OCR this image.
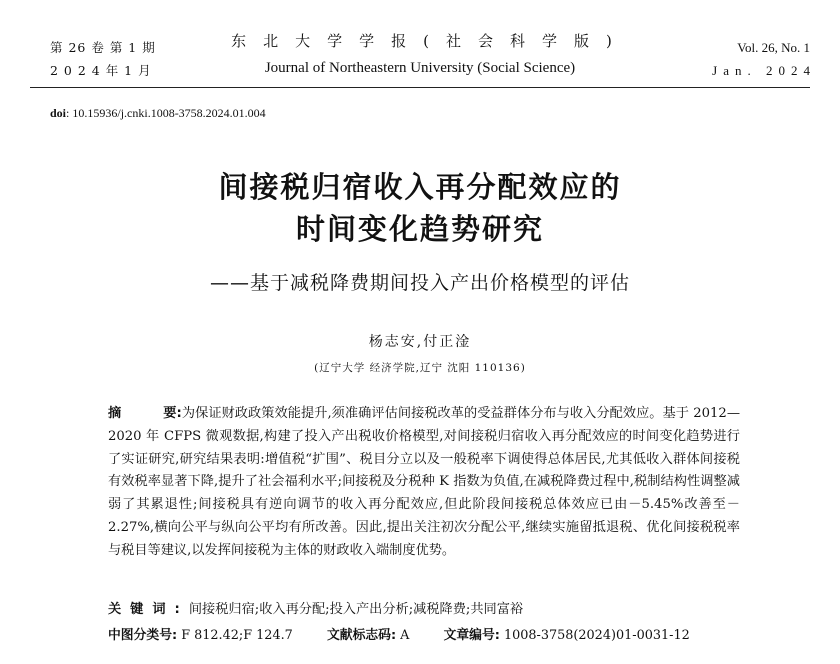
第 26 卷 第 1 期
2 0 2 4 年 1 月
东北大学学报(社会科学版)
Journal of Northeastern University (Social Science)
Vol. 26, No. 1
Jan. 2024
doi: 10.15936/j.cnki.1008-3758.2024.01.004
间接税归宿收入再分配效应的
时间变化趋势研究
——基于减税降费期间投入产出价格模型的评估
杨志安,付正淦
(辽宁大学 经济学院,辽宁 沈阳 110136)
摘	要:为保证财政政策效能提升,须准确评估间接税改革的受益群体分布与收入分配效应。基于 2012—2020 年 CFPS 微观数据,构建了投入产出税收价格模型,对间接税归宿收入再分配效应的时间变化趋势进行了实证研究,研究结果表明:增值税“扩围”、税目分立以及一般税率下调使得总体居民,尤其低收入群体间接税有效税率显著下降,提升了社会福利水平;间接税及分税种 K 指数为负值,在减税降费过程中,税制结构性调整减弱了其累退性;间接税具有逆向调节的收入再分配效应,但此阶段间接税总体效应已由－5.45%改善至－2.27%,横向公平与纵向公平均有所改善。因此,提出关注初次分配公平,继续实施留抵退税、优化间接税税率与税目等建议,以发挥间接税为主体的财政收入端制度优势。
关键词:间接税归宿;收入再分配;投入产出分析;减税降费;共同富裕
中图分类号: F 812.42;F 124.7	文献标志码: A	文章编号: 1008-3758(2024)01-0031-12
